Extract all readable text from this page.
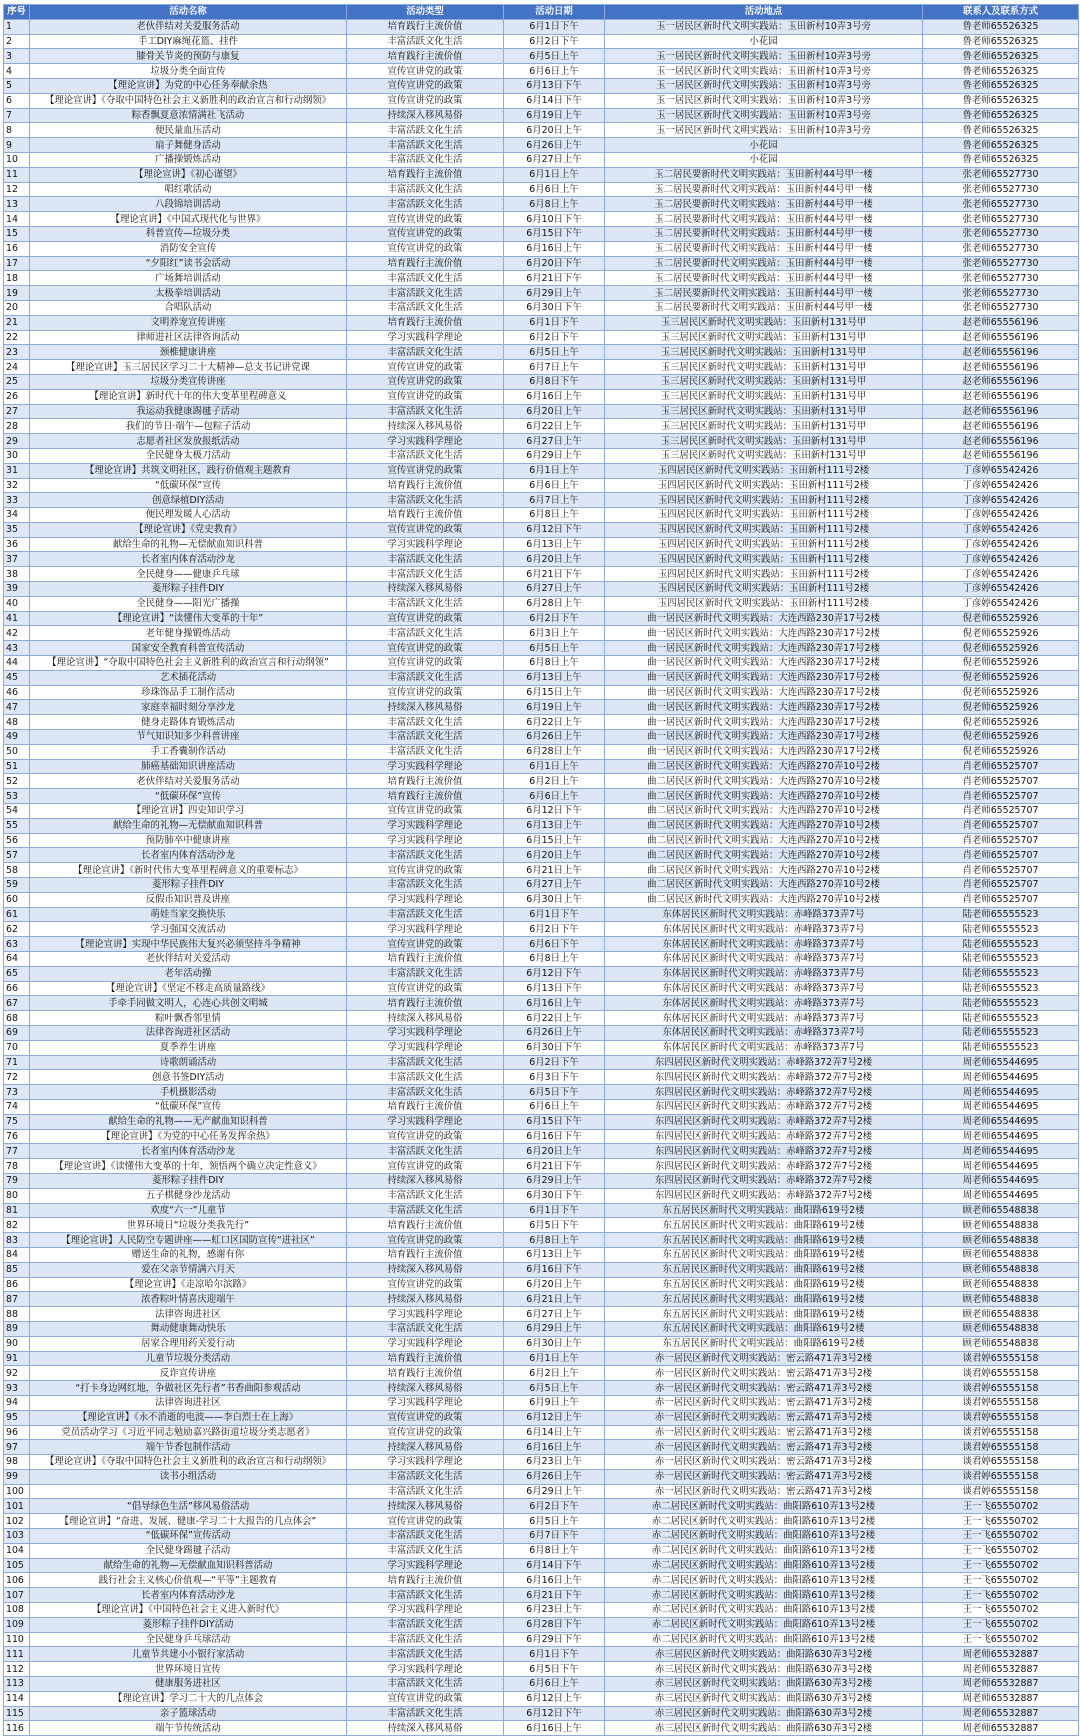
序号	活动名称	活动类型	活动日期	活动地点	联系人及联系方式
1	老伙伴结对关爱服务活动	培育践行主流价值	6月1日下午	玉一居民区新时代文明实践站：玉田新村10弄3号旁	鲁老师65526325
2	手工DIY麻绳花篮、挂件	丰富活跃文化生活	6月2日下午	小花园	鲁老师65526325
3	膝骨关节炎的预防与康复	培育践行主流价值	6月5日上午	玉一居民区新时代文明实践站：玉田新村10弄3号旁	鲁老师65526325
4	垃圾分类全面宣传	宣传宣讲党的政策	6月6日上午	玉一居民区新时代文明实践站：玉田新村10弄3号旁	鲁老师65526325
5	【理论宣讲】为党的中心任务奉献余热	宣传宣讲党的政策	6月13日下午	玉一居民区新时代文明实践站：玉田新村10弄3号旁	鲁老师65526325
6	【理论宣讲】《夺取中国特色社会主义新胜利的政治宣言和行动纲领》	宣传宣讲党的政策	6月14日下午	玉一居民区新时代文明实践站：玉田新村10弄3号旁	鲁老师65526325
7	粽香飘夏意浓情满社飞活动	持续深入移风易俗	6月19日上午	玉一居民区新时代文明实践站：玉田新村10弄3号旁	鲁老师65526325
8	便民量血压活动	丰富活跃文化生活	6月20日上午	玉一居民区新时代文明实践站：玉田新村10弄3号旁	鲁老师65526325
9	扇子舞健身活动	丰富活跃文化生活	6月26日上午	小花园	鲁老师65526325
10	广播操锻炼活动	丰富活跃文化生活	6月27日上午	小花园	鲁老师65526325
11	【理论宣讲】《初心谨望》	培育践行主流价值	6月1日上午	玉二居民要新时代文明实践站：玉田新村44号甲一楼	张老师65527730
12	唱红歌活动	丰富活跃文化生活	6月6日上午	玉二居民要新时代文明实践站：玉田新村44号甲一楼	张老师65527730
13	八段锦培训活动	丰富活跃文化生活	6月8日上午	玉二居民要新时代文明实践站：玉田新村44号甲一楼	张老师65527730
14	【理论宣讲】《中国式现代化与世界》	宣传宣讲党的政策	6月10日下午	玉二居民要新时代文明实践站：玉田新村44号甲一楼	张老师65527730
15	科普宣传—垃圾分类	宣传宣讲党的政策	6月15日下午	玉二居民要新时代文明实践站：玉田新村44号甲一楼	张老师65527730
16	消防安全宣传	宣传宣讲党的政策	6月16日上午	玉二居民要新时代文明实践站：玉田新村44号甲一楼	张老师65527730
17	“夕阳红”读书会活动	培育践行主流价值	6月20日下午	玉二居民要新时代文明实践站：玉田新村44号甲一楼	张老师65527730
18	广场舞培训活动	丰富活跃文化生活	6月21日下午	玉二居民要新时代文明实践站：玉田新村44号甲一楼	张老师65527730
19	太极拳培训活动	丰富活跃文化生活	6月29日上午	玉二居民要新时代文明实践站：玉田新村44号甲一楼	张老师65527730
20	合唱队活动	丰富活跃文化生活	6月30日下午	玉二居民要新时代文明实践站：玉田新村44号甲一楼	张老师65527730
21	文明养宠宣传讲座	培育践行主流价值	6月1日下午	玉三居民区新时代文明实践站：玉田新村131号甲	赵老师65556196
22	律师进社区法律咨询活动	学习实践科学理论	6月2日下午	玉三居民区新时代文明实践站：玉田新村131号甲	赵老师65556196
23	颈椎健康讲座	丰富活跃文化生活	6月5日上午	玉三居民区新时代文明实践站：玉田新村131号甲	赵老师65556196
24	【理论宣讲】玉三居民区学习二十大精神—总支书记讲党课	宣传宣讲党的政策	6月7日上午	玉三居民区新时代文明实践站：玉田新村131号甲	赵老师65556196
25	垃圾分类宣传讲座	宣传宣讲党的政策	6月8日下午	玉三居民区新时代文明实践站：玉田新村131号甲	赵老师65556196
26	【理论宣讲】新时代十年的伟大变革里程碑意义	宣传宣讲党的政策	6月16日上午	玉三居民区新时代文明实践站：玉田新村131号甲	赵老师65556196
27	我运动我健康踢毽子活动	丰富活跃文化生活	6月20日上午	玉三居民区新时代文明实践站：玉田新村131号甲	赵老师65556196
28	我们的节日·端午—包粽子活动	持续深入移风易俗	6月22日上午	玉三居民区新时代文明实践站：玉田新村131号甲	赵老师65556196
29	志愿者社区发放报纸活动	学习实践科学理论	6月27日上午	玉三居民区新时代文明实践站：玉田新村131号甲	赵老师65556196
30	全民健身太极刀活动	丰富活跃文化生活	6月29日上午	玉三居民区新时代文明实践站：玉田新村131号甲	赵老师65556196
31	【理论宣讲】共筑文明社区，践行价值观主题教育	宣传宣讲党的政策	6月1日上午	玉四居民区新时代文明实践站：玉田新村111号2楼	丁彦婷65542426
32	“低碳环保”宣传	培育践行主流价值	6月6日上午	玉四居民区新时代文明实践站：玉田新村111号2楼	丁彦婷65542426
33	创意绿植DIY活动	丰富活跃文化生活	6月7日上午	玉四居民区新时代文明实践站：玉田新村111号2楼	丁彦婷65542426
34	便民理发暖人心活动	培育践行主流价值	6月8日上午	玉四居民区新时代文明实践站：玉田新村111号2楼	丁彦婷65542426
35	【理论宣讲】《党史教育》	宣传宣讲党的政策	6月12日下午	玉四居民区新时代文明实践站：玉田新村111号2楼	丁彦婷65542426
36	献给生命的礼物—无偿献血知识科普	学习实践科学理论	6月13日上午	玉四居民区新时代文明实践站：玉田新村111号2楼	丁彦婷65542426
37	长者室内体育活动沙龙	丰富活跃文化生活	6月20日上午	玉四居民区新时代文明实践站：玉田新村111号2楼	丁彦婷65542426
38	全民健身——健康乒乓球	丰富活跃文化生活	6月21日下午	玉四居民区新时代文明实践站：玉田新村111号2楼	丁彦婷65542426
39	菱形粽子挂件DIY	持续深入移风易俗	6月27日上午	玉四居民区新时代文明实践站：玉田新村111号2楼	丁彦婷65542426
40	全民健身——阳光广播操	丰富活跃文化生活	6月28日上午	玉四居民区新时代文明实践站：玉田新村111号2楼	丁彦婷65542426
41	【理论宣讲】“读懂伟大变革的十年”	宣传宣讲党的政策	6月2日下午	曲一居民区新时代文明实践站：大连西路230弄17号2楼	倪老师65525926
42	老年健身操锻炼活动	丰富活跃文化生活	6月3日上午	曲一居民区新时代文明实践站：大连西路230弄17号2楼	倪老师65525926
43	国家安全教育科普宣传活动	宣传宣讲党的政策	6月5日上午	曲一居民区新时代文明实践站：大连西路230弄17号2楼	倪老师65525926
44	【理论宣讲】“夺取中国特色社会主义新胜利的政治宣言和行动纲领”	宣传宣讲党的政策	6月8日上午	曲一居民区新时代文明实践站：大连西路230弄17号2楼	倪老师65525926
45	艺术插花活动	丰富活跃文化生活	6月13日上午	曲一居民区新时代文明实践站：大连西路230弄17号2楼	倪老师65525926
46	珍珠饰品手工制作活动	宣传宣讲党的政策	6月15日上午	曲一居民区新时代文明实践站：大连西路230弄17号2楼	倪老师65525926
47	家庭幸福时刻分享沙龙	持续深入移风易俗	6月19日上午	曲一居民区新时代文明实践站：大连西路230弄17号2楼	倪老师65525926
48	健身走路体育锻炼活动	丰富活跃文化生活	6月22日上午	曲一居民区新时代文明实践站：大连西路230弄17号2楼	倪老师65525926
49	节气知识知多少科普讲座	丰富活跃文化生活	6月26日上午	曲一居民区新时代文明实践站：大连西路230弄17号2楼	倪老师65525926
50	手工香囊制作活动	丰富活跃文化生活	6月28日上午	曲一居民区新时代文明实践站：大连西路230弄17号2楼	倪老师65525926
51	肺癌基础知识讲座活动	学习实践科学理论	6月1日上午	曲二居民区新时代文明实践站：大连西路270弄10号2楼	肖老师65525707
52	老伙伴结对关爱服务活动	培育践行主流价值	6月2日上午	曲二居民区新时代文明实践站：大连西路270弄10号2楼	肖老师65525707
53	“低碳环保”宣传	培育践行主流价值	6月6日上午	曲二居民区新时代文明实践站：大连西路270弄10号2楼	肖老师65525707
54	【理论宣讲】四史知识学习	宣传宣讲党的政策	6月12日下午	曲二居民区新时代文明实践站：大连西路270弄10号2楼	肖老师65525707
55	献给生命的礼物—无偿献血知识科普	学习实践科学理论	6月13日上午	曲二居民区新时代文明实践站：大连西路270弄10号2楼	肖老师65525707
56	预防肺卒中健康讲座	学习实践科学理论	6月15日上午	曲二居民区新时代文明实践站：大连西路270弄10号2楼	肖老师65525707
57	长者室内体育活动沙龙	丰富活跃文化生活	6月20日上午	曲二居民区新时代文明实践站：大连西路270弄10号2楼	肖老师65525707
58	【理论宣讲】《新时代伟大变革里程碑意义的重要标志》	宣传宣讲党的政策	6月21日上午	曲二居民区新时代文明实践站：大连西路270弄10号2楼	肖老师65525707
59	菱形粽子挂件DIY	丰富活跃文化生活	6月27日上午	曲二居民区新时代文明实践站：大连西路270弄10号2楼	肖老师65525707
60	反假币知识普及讲座	学习实践科学理论	6月30日上午	曲二居民区新时代文明实践站：大连西路270弄10号2楼	肖老师65525707
61	萌娃当家交换快乐	丰富活跃文化生活	6月1日下午	东体居民区新时代文明实践站：赤峰路373弄7号	陆老师65555523
62	学习强国交流活动	学习实践科学理论	6月2日下午	东体居民区新时代文明实践站：赤峰路373弄7号	陆老师65555523
63	【理论宣讲】实现中华民族伟大复兴必须坚持斗争精神	宣传宣讲党的政策	6月6日下午	东体居民区新时代文明实践站：赤峰路373弄7号	陆老师65555523
64	老伙伴结对关爱活动	培育践行主流价值	6月8日上午	东体居民区新时代文明实践站：赤峰路373弄7号	陆老师65555523
65	老年活动操	丰富活跃文化生活	6月12日下午	东体居民区新时代文明实践站：赤峰路373弄7号	陆老师65555523
66	【理论宣讲】《坚定不移走高质量路线》	宣传宣讲党的政策	6月13日下午	东体居民区新时代文明实践站：赤峰路373弄7号	陆老师65555523
67	手牵手同做文明人，心连心共创文明城	培育践行主流价值	6月16日上午	东体居民区新时代文明实践站：赤峰路373弄7号	陆老师65555523
68	粽叶飘香邻里情	持续深入移风易俗	6月22日上午	东体居民区新时代文明实践站：赤峰路373弄7号	陆老师65555523
69	法律咨询进社区活动	学习实践科学理论	6月26日上午	东体居民区新时代文明实践站：赤峰路373弄7号	陆老师65555523
70	夏季养生讲座	学习实践科学理论	6月30日下午	东体居民区新时代文明实践站：赤峰路373弄7号	陆老师65555523
71	诗歌朗诵活动	丰富活跃文化生活	6月2日下午	东四居民区新时代文明实践站：赤峰路372弄7号2楼	周老师65544695
72	创意书签DIY活动	丰富活跃文化生活	6月3日下午	东四居民区新时代文明实践站：赤峰路372弄7号2楼	周老师65544695
73	手机摄影活动	丰富活跃文化生活	6月5日下午	东四居民区新时代文明实践站：赤峰路372弄7号2楼	周老师65544695
74	“低碳环保”宣传	培育践行主流价值	6月6日上午	东四居民区新时代文明实践站：赤峰路372弄7号2楼	周老师65544695
75	献给生命的礼物——无产献血知识科普	学习实践科学理论	6月15日下午	东四居民区新时代文明实践站：赤峰路372弄7号2楼	周老师65544695
76	【理论宣讲】《为党的中心任务发挥余热》	宣传宣讲党的政策	6月16日下午	东四居民区新时代文明实践站：赤峰路372弄7号2楼	周老师65544695
77	长者室内体育活动沙龙	丰富活跃文化生活	6月20日上午	东四居民区新时代文明实践站：赤峰路372弄7号2楼	周老师65544695
78	【理论宣讲】《读懂伟大变革的十年，领悟两个确立决定性意义》	宣传宣讲党的政策	6月21日下午	东四居民区新时代文明实践站：赤峰路372弄7号2楼	周老师65544695
79	菱形粽子挂件DIY	持续深入移风易俗	6月29日上午	东四居民区新时代文明实践站：赤峰路372弄7号2楼	周老师65544695
80	五子棋健身沙龙活动	丰富活跃文化生活	6月30日下午	东四居民区新时代文明实践站：赤峰路372弄7号2楼	周老师65544695
81	欢度“六一”儿童节	丰富活跃文化生活	6月1日下午	东五居民区新时代文明实践站：曲阳路619号2楼	顾老师65548838
82	世界环境日“垃圾分类我先行”	培育践行主流价值	6月5日下午	东五居民区新时代文明实践站：曲阳路619号2楼	顾老师65548838
83	【理论宣讲】人民防空专题讲座——虹口区国防宣传“进社区”	宣传宣讲党的政策	6月8日上午	东五居民区新时代文明实践站：曲阳路619号2楼	顾老师65548838
84	赠送生命的礼物，感谢有你	培育践行主流价值	6月13日上午	东五居民区新时代文明实践站：曲阳路619号2楼	顾老师65548838
85	爱在父亲节情满六月天	持续深入移风易俗	6月16日下午	东五居民区新时代文明实践站：曲阳路619号2楼	顾老师65548838
86	【理论宣讲】《走凉哈尔滨路》	宣传宣讲党的政策	6月20日上午	东五居民区新时代文明实践站：曲阳路619号2楼	顾老师65548838
87	浓香粽叶情喜庆迎端午	持续深入移风易俗	6月21日上午	东五居民区新时代文明实践站：曲阳路619号2楼	顾老师65548838
88	法律咨询进社区	学习实践科学理论	6月27日上午	东五居民区新时代文明实践站：曲阳路619号2楼	顾老师65548838
89	舞动健康舞动快乐	丰富活跃文化生活	6月29日上午	东五居民区新时代文明实践站：曲阳路619号2楼	顾老师65548838
90	居家合理用药关爱行动	学习实践科学理论	6月30日上午	东五居民区新时代文明实践站：曲阳路619号2楼	顾老师65548838
91	儿童节垃圾分类活动	培育践行主流价值	6月1日上午	赤一居民区新时代文明实践站：密云路471弄3号2楼	谈君婷65555158
92	反诈宣传讲座	培育践行主流价值	6月2日上午	赤一居民区新时代文明实践站：密云路471弄3号2楼	谈君婷65555158
93	“打卡身边网红地，争做社区先行者”书香曲阳参观活动	持续深入移风易俗	6月5日上午	赤一居民区新时代文明实践站：密云路471弄3号2楼	谈君婷65555158
94	法律咨询进社区	学习实践科学理论	6月9日上午	赤一居民区新时代文明实践站：密云路471弄3号2楼	谈君婷65555158
95	【理论宣讲】《永不消逝的电波——李白烈士在上海》	宣传宣讲党的政策	6月12日上午	赤一居民区新时代文明实践站：密云路471弄3号2楼	谈君婷65555158
96	党员活动学习《习近平同志勉励嘉兴路街道垃圾分类志愿者》	宣传宣讲党的政策	6月14日上午	赤一居民区新时代文明实践站：密云路471弄3号2楼	谈君婷65555158
97	端午节香包制作活动	持续深入移风易俗	6月16日上午	赤一居民区新时代文明实践站：密云路471弄3号2楼	谈君婷65555158
98	【理论宣讲】《夺取中国特色社会主义新胜利的政治宣言和行动纲领》	学习实践科学理论	6月23日上午	赤一居民区新时代文明实践站：密云路471弄3号2楼	谈君婷65555158
99	读书小组活动	丰富活跃文化生活	6月26日上午	赤一居民区新时代文明实践站：密云路471弄3号2楼	谈君婷65555158
100		丰富活跃文化生活	6月29日上午	赤一居民区新时代文明实践站：密云路471弄3号2楼	谈君婷65555158
101	“倡导绿色生活”移风易俗活动	持续深入移风易俗	6月2日下午	赤二居民区新时代文明实践站：曲阳路610弄13号2楼	王一飞65550702
102	【理论宣讲】“奋进、发展、健康-学习二十大报告的几点体会”	宣传宣讲党的政策	6月5日上午	赤二居民区新时代文明实践站：曲阳路610弄13号2楼	王一飞65550702
103	“低碳环保”宣传活动	丰富活跃文化生活	6月7日下午	赤二居民区新时代文明实践站：曲阳路610弄13号2楼	王一飞65550702
104	全民健身踢毽子活动	丰富活跃文化生活	6月8日上午	赤二居民区新时代文明实践站：曲阳路610弄13号2楼	王一飞65550702
105	献给生命的礼物—无偿献血知识科普活动	学习实践科学理论	6月14日下午	赤二居民区新时代文明实践站：曲阳路610弄13号2楼	王一飞65550702
106	践行社会主义核心价值观—“平等”主题教育	培育践行主流价值	6月16日上午	赤二居民区新时代文明实践站：曲阳路610弄13号2楼	王一飞65550702
107	长者室内体育活动沙龙	丰富活跃文化生活	6月21日下午	赤二居民区新时代文明实践站：曲阳路610弄13号2楼	王一飞65550702
108	【理论宣讲】《中国特色社会主义进入新时代》	学习实践科学理论	6月23日上午	赤二居民区新时代文明实践站：曲阳路610弄13号2楼	王一飞65550702
109	菱形粽子挂件DIY活动	丰富活跃文化生活	6月28日下午	赤二居民区新时代文明实践站：曲阳路610弄13号2楼	王一飞65550702
110	全民健身乒乓球活动	丰富活跃文化生活	6月29日下午	赤二居民区新时代文明实践站：曲阳路610弄13号2楼	王一飞65550702
111	儿童节共建小小银行家活动	丰富活跃文化生活	6月1日下午	赤三居民区新时代文明实践站：曲阳路630弄3号2楼	周老师65532887
112	世界环境日宣传	学习实践科学理论	6月5日下午	赤三居民区新时代文明实践站：曲阳路630弄3号2楼	周老师65532887
113	健康服务进社区	丰富活跃文化生活	6月6日上午	赤三居民区新时代文明实践站：曲阳路630弄3号2楼	周老师65532887
114	【理论宣讲】学习二十大的几点体会	宣传宣讲党的政策	6月12日上午	赤三居民区新时代文明实践站：曲阳路630弄3号2楼	周老师65532887
115	亲子篮球活动	丰富活跃文化生活	6月12日下午	赤三居民区新时代文明实践站：曲阳路630弄3号2楼	周老师65532887
116	端午节传统活动	持续深入移风易俗	6月16日上午	赤三居民区新时代文明实践站：曲阳路630弄3号2楼	周老师65532887
